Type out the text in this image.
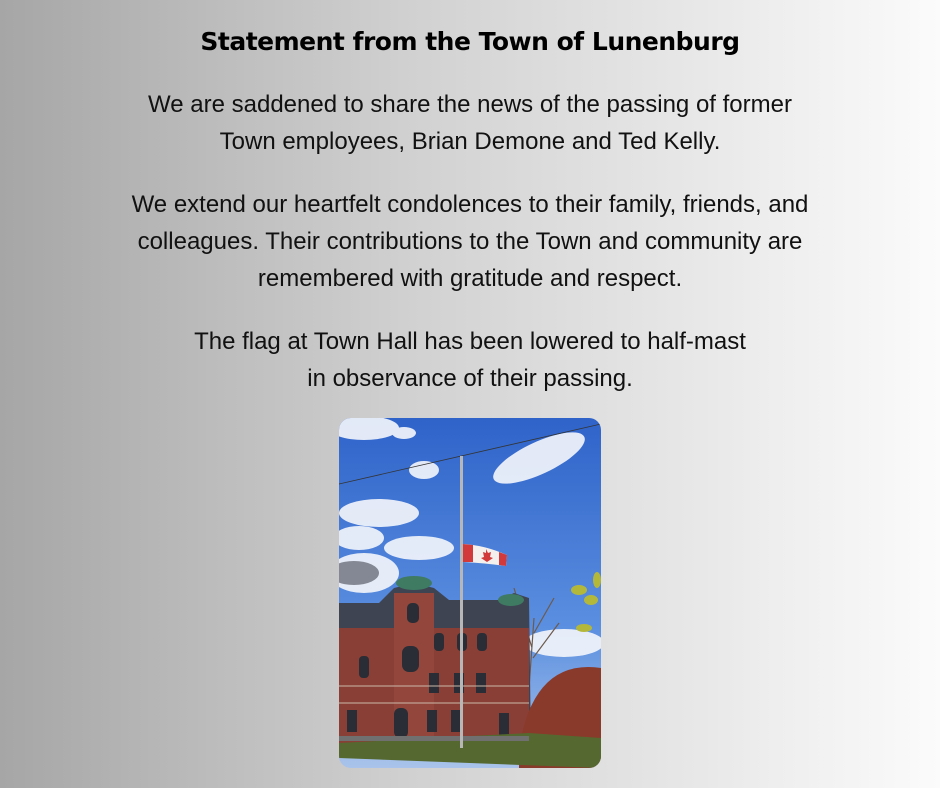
Statement from the Town of Lunenburg
We are saddened to share the news of the passing of former
Town employees, Brian Demone and Ted Kelly.
We extend our heartfelt condolences to their family, friends, and
colleagues. Their contributions to the Town and community are
remembered with gratitude and respect.
The flag at Town Hall has been lowered to half-mast
in observance of their passing.
